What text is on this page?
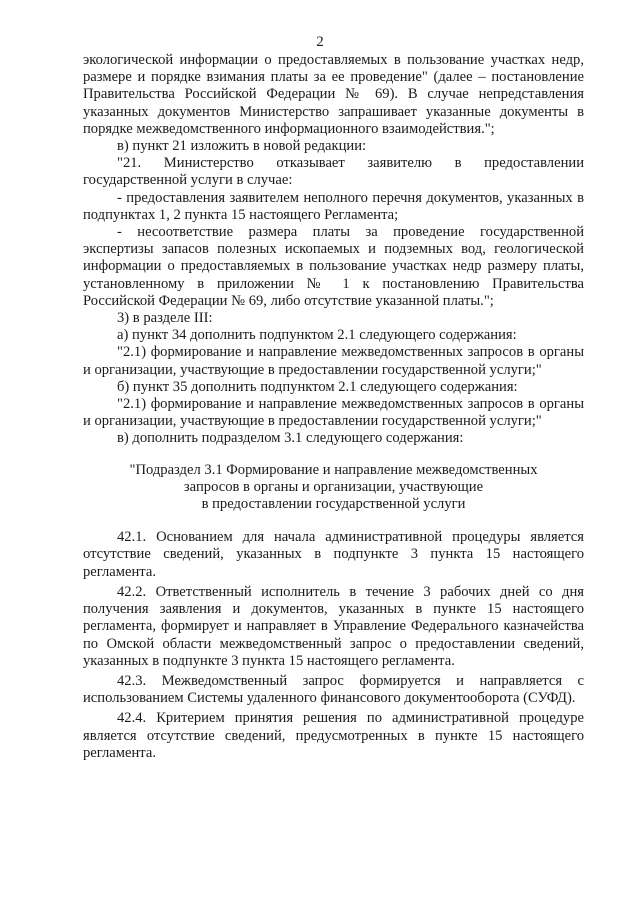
2

экологической информации о предоставляемых в пользование участках недр, размере и порядке взимания платы за ее проведение" (далее – постановление Правительства Российской Федерации № 69). В случае непредставления указанных документов Министерство запрашивает указанные документы в порядке межведомственного информационного взаимодействия.";

в) пункт 21 изложить в новой редакции:

"21. Министерство отказывает заявителю в предоставлении государственной услуги в случае:

- предоставления заявителем неполного перечня документов, указанных в подпунктах 1, 2 пункта 15 настоящего Регламента;

- несоответствие размера платы за проведение государственной экспертизы запасов полезных ископаемых и подземных вод, геологической информации о предоставляемых в пользование участках недр размеру платы, установленному в приложении № 1 к постановлению Правительства Российской Федерации № 69, либо отсутствие указанной платы.";

3) в разделе III:

а) пункт 34 дополнить подпунктом 2.1 следующего содержания:

"2.1) формирование и направление межведомственных запросов в органы и организации, участвующие в предоставлении государственной услуги;"

б) пункт 35 дополнить подпунктом 2.1 следующего содержания:

"2.1) формирование и направление межведомственных запросов в органы и организации, участвующие в предоставлении государственной услуги;"

в) дополнить подразделом 3.1 следующего содержания:

"Подраздел 3.1 Формирование и направление межведомственных
запросов в органы и организации, участвующие
в предоставлении государственной услуги

42.1. Основанием для начала административной процедуры является отсутствие сведений, указанных в подпункте 3 пункта 15 настоящего регламента.

42.2. Ответственный исполнитель в течение 3 рабочих дней со дня получения заявления и документов, указанных в пункте 15 настоящего регламента, формирует и направляет в Управление Федерального казначейства по Омской области межведомственный запрос о предоставлении сведений, указанных в подпункте 3 пункта 15 настоящего регламента.

42.3. Межведомственный запрос формируется и направляется с использованием Системы удаленного финансового документооборота (СУФД).

42.4. Критерием принятия решения по административной процедуре является отсутствие сведений, предусмотренных в пункте 15 настоящего регламента.
